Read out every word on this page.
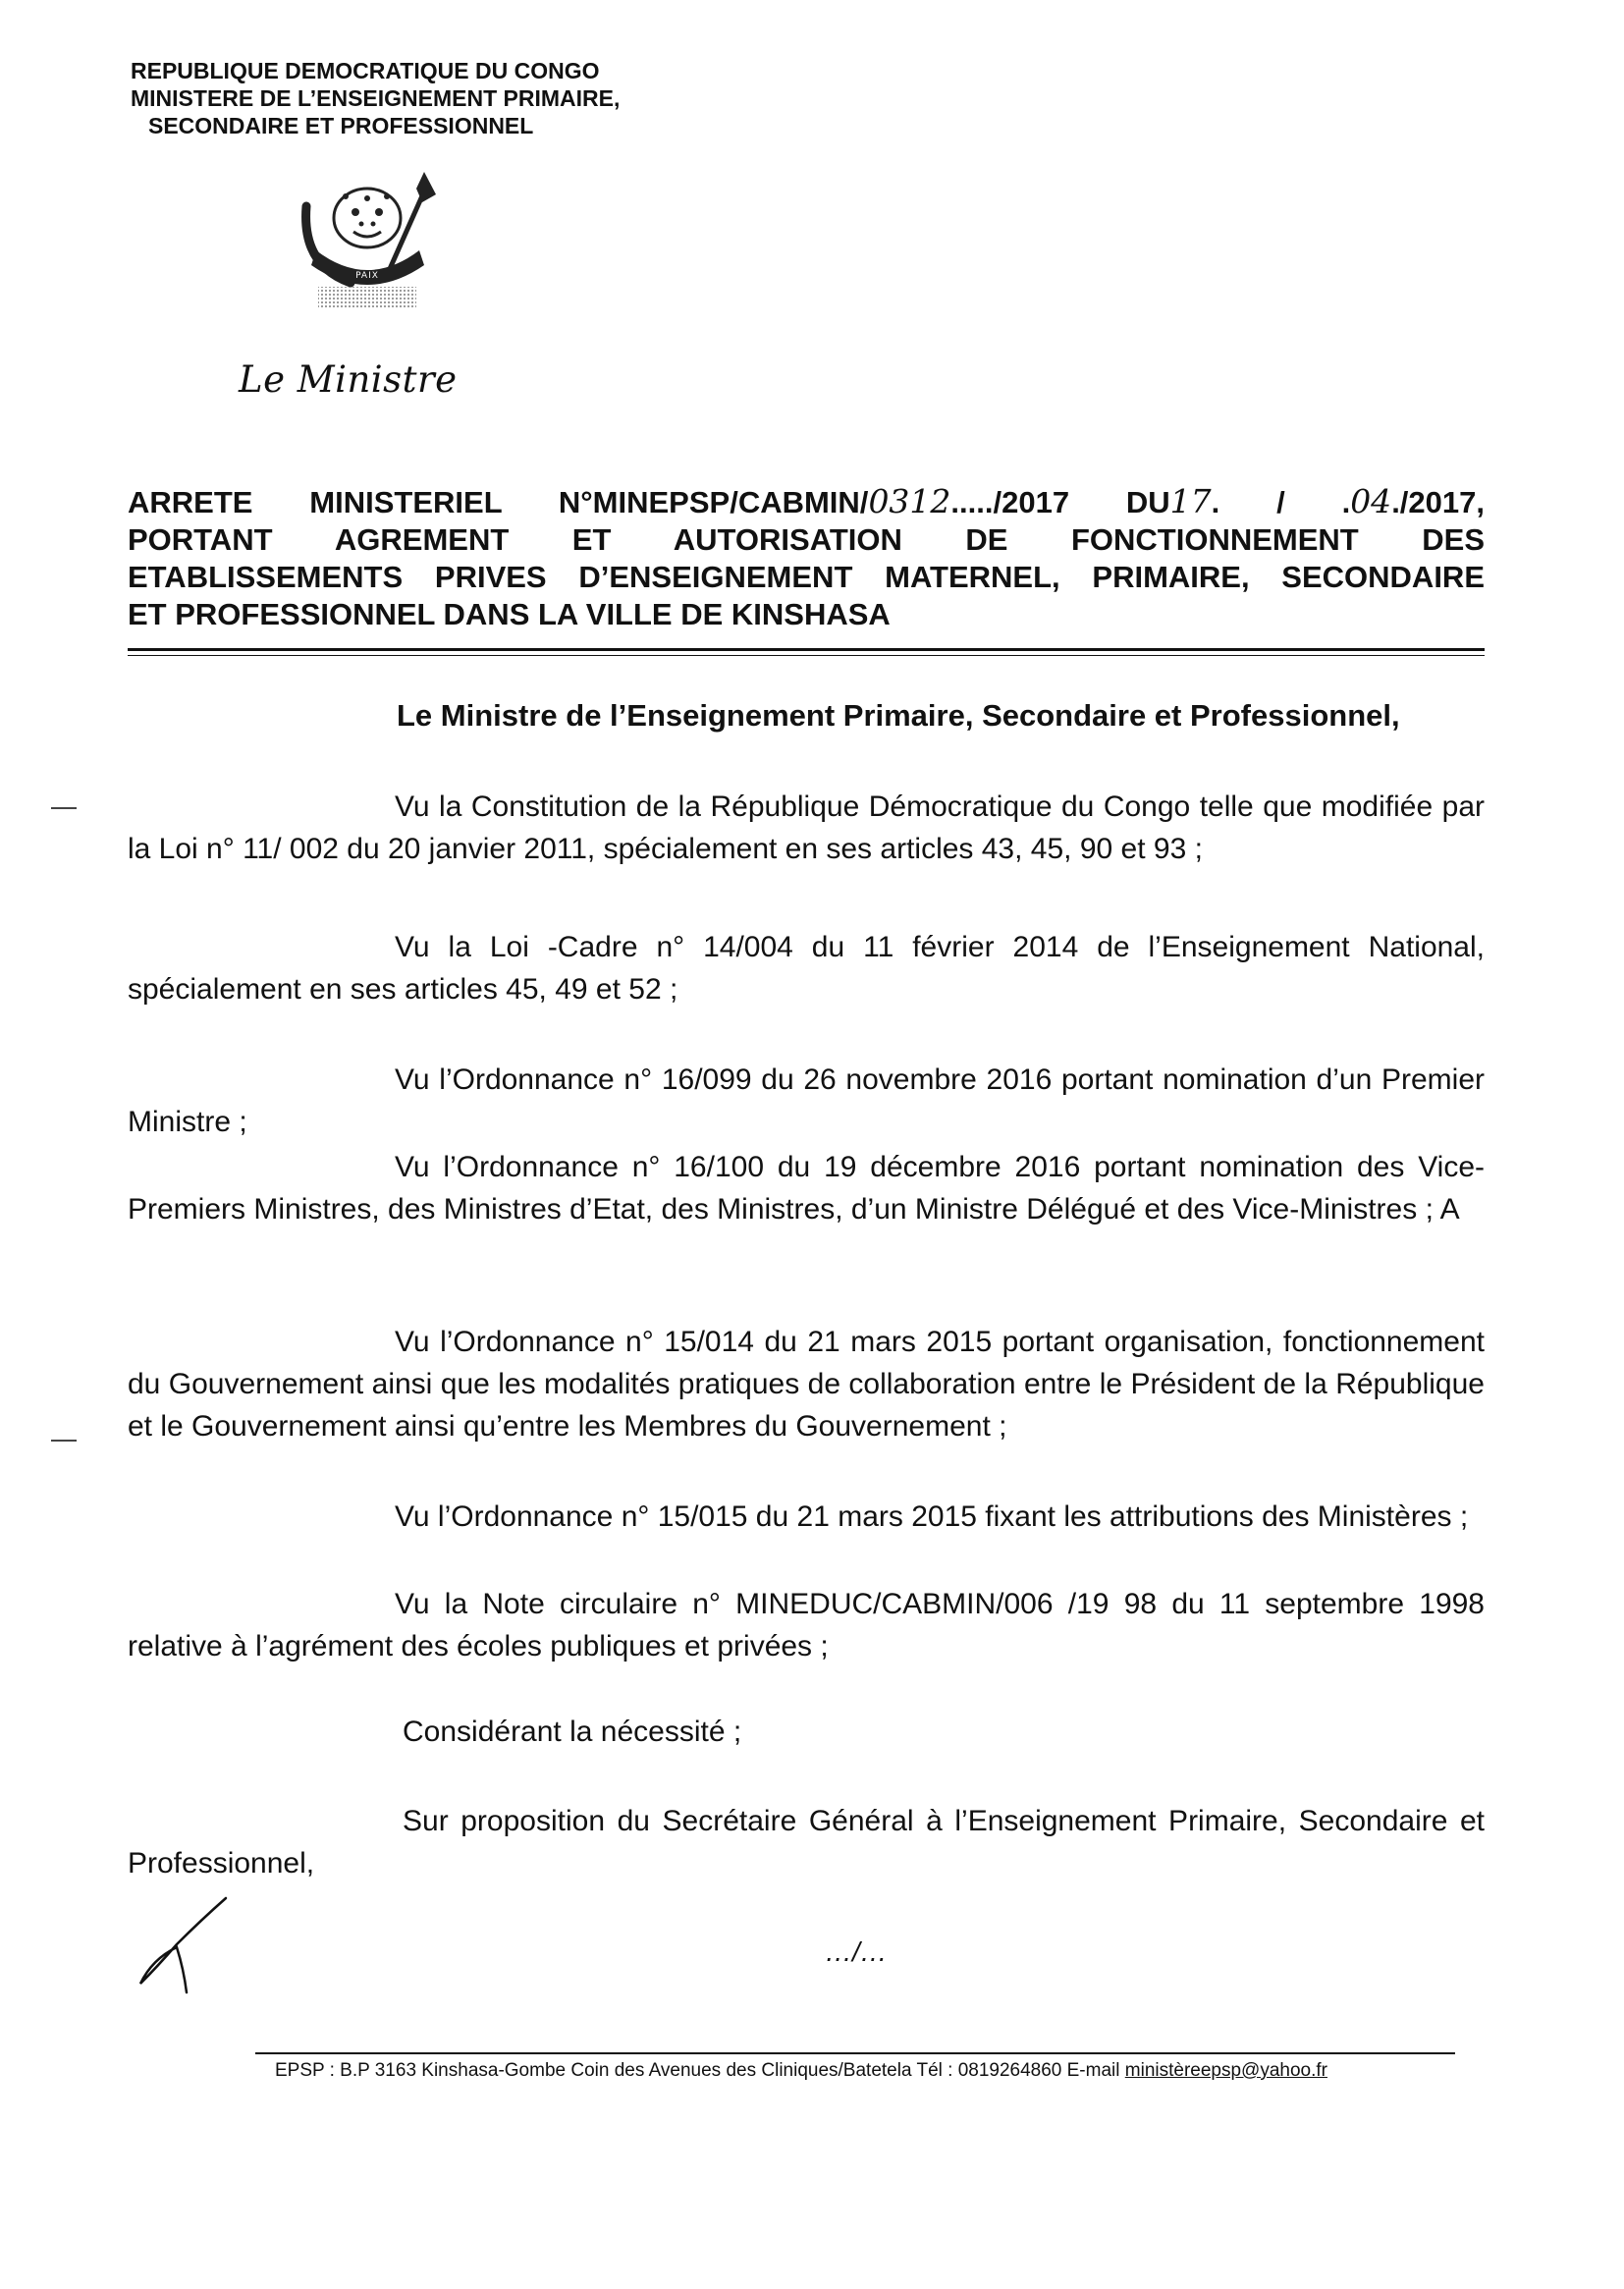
REPUBLIQUE DEMOCRATIQUE DU CONGO
MINISTERE DE L’ENSEIGNEMENT PRIMAIRE,
SECONDAIRE ET PROFESSIONNEL
PAIX
Le Ministre
ARRETE MINISTERIEL N°MINEPSP/CABMIN/0312...../2017 DU17. / .04./2017,
PORTANT AGREMENT ET AUTORISATION DE FONCTIONNEMENT DES
ETABLISSEMENTS PRIVES D’ENSEIGNEMENT MATERNEL, PRIMAIRE, SECONDAIRE
ET PROFESSIONNEL DANS LA VILLE DE KINSHASA
Le Ministre de l’Enseignement Primaire, Secondaire et Professionnel,
Vu la Constitution de la République Démocratique du Congo telle que modifiée par la Loi n° 11/ 002 du 20 janvier 2011, spécialement en ses articles 43, 45, 90 et 93 ;
Vu la Loi -Cadre n° 14/004 du 11 février 2014 de l’Enseignement National, spécialement en ses articles 45, 49 et 52 ;
Vu l’Ordonnance n° 16/099 du 26 novembre 2016 portant nomination d’un Premier Ministre ;
Vu l’Ordonnance n° 16/100 du 19 décembre 2016 portant nomination des Vice-Premiers Ministres, des Ministres d’Etat, des Ministres, d’un Ministre Délégué et des Vice-Ministres ; A
Vu l’Ordonnance n° 15/014 du 21 mars 2015 portant organisation, fonctionnement du Gouvernement ainsi que les modalités pratiques de collaboration entre le Président de la République et le Gouvernement ainsi qu’entre les Membres du Gouvernement ;
Vu l’Ordonnance n° 15/015 du 21 mars 2015 fixant les attributions des Ministères ;
Vu la Note circulaire n° MINEDUC/CABMIN/006 /19 98 du 11 septembre 1998 relative à l’agrément des écoles publiques et privées ;
Considérant la nécessité ;
Sur proposition du Secrétaire Général à l’Enseignement Primaire, Secondaire et Professionnel,
…/…
EPSP : B.P 3163 Kinshasa-Gombe Coin des Avenues des Cliniques/Batetela Tél : 0819264860 E-mail ministèreepsp@yahoo.fr
